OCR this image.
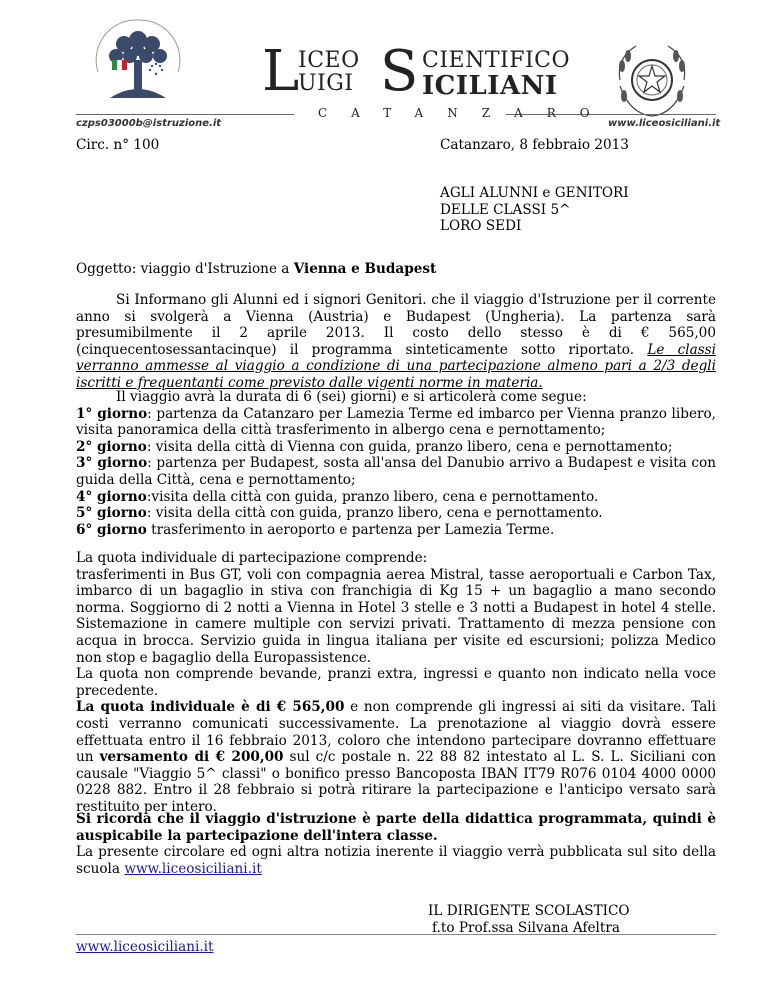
L
ICEO
UIGI S CIENTIFICO
ICILIANI
CATANZARO
czps03000b@istruzione.it	www.liceosiciliani.it
Circ. n° 100	Catanzaro, 8 febbraio 2013
AGLI ALUNNI e GENITORI
DELLE CLASSI 5^
LORO SEDI
Oggetto: viaggio d'Istruzione a Vienna e Budapest
Si Informano gli Alunni ed i signori Genitori. che il viaggio d'Istruzione per il corrente anno si svolgerà a Vienna (Austria) e Budapest (Ungheria). La partenza sarà presumibilmente il 2 aprile 2013. Il costo dello stesso è di € 565,00 (cinquecentosessantacinque) il programma sinteticamente sotto riportato. Le classi verranno ammesse al viaggio a condizione di una partecipazione almeno pari a 2/3 degli iscritti e frequentanti come previsto dalle vigenti norme in materia.
Il viaggio avrà la durata di 6 (sei) giorni) e si articolerà come segue:
1° giorno: partenza da Catanzaro per Lamezia Terme ed imbarco per Vienna pranzo libero, visita panoramica della città trasferimento in albergo cena e pernottamento;
2° giorno: visita della città di Vienna con guida, pranzo libero, cena e pernottamento;
3° giorno: partenza per Budapest, sosta all'ansa del Danubio arrivo a Budapest e visita con guida della Città, cena e pernottamento;
4° giorno:visita della città con guida, pranzo libero, cena e pernottamento.
5° giorno: visita della città con guida, pranzo libero, cena e pernottamento.
6° giorno trasferimento in aeroporto e partenza per Lamezia Terme.
La quota individuale di partecipazione comprende:
trasferimenti in Bus GT, voli con compagnia aerea Mistral, tasse aeroportuali e Carbon Tax, imbarco di un bagaglio in stiva con franchigia di Kg 15 + un bagaglio a mano secondo norma. Soggiorno di 2 notti a Vienna in Hotel 3 stelle e 3 notti a Budapest in hotel 4 stelle. Sistemazione in camere multiple con servizi privati. Trattamento di mezza pensione con acqua in brocca. Servizio guida in lingua italiana per visite ed escursioni; polizza Medico non stop e bagaglio della Europassistence.
La quota non comprende bevande, pranzi extra, ingressi e quanto non indicato nella voce precedente.
La quota individuale è di € 565,00 e non comprende gli ingressi ai siti da visitare. Tali costi verranno comunicati successivamente. La prenotazione al viaggio dovrà essere effettuata entro il 16 febbraio 2013, coloro che intendono partecipare dovranno effettuare un versamento di € 200,00 sul c/c postale n. 22 88 82 intestato al L. S. L. Siciliani con causale "Viaggio 5^ classi" o bonifico presso Bancoposta IBAN IT79 R076 0104 4000 0000 0228 882. Entro il 28 febbraio si potrà ritirare la partecipazione e l'anticipo versato sarà restituito per intero.
Si ricorda che il viaggio d'istruzione è parte della didattica programmata, quindi è auspicabile la partecipazione dell'intera classe.
La presente circolare ed ogni altra notizia inerente il viaggio verrà pubblicata sul sito della scuola www.liceosiciliani.it
IL DIRIGENTE SCOLASTICO
f.to Prof.ssa Silvana Afeltra
www.liceosiciliani.it
